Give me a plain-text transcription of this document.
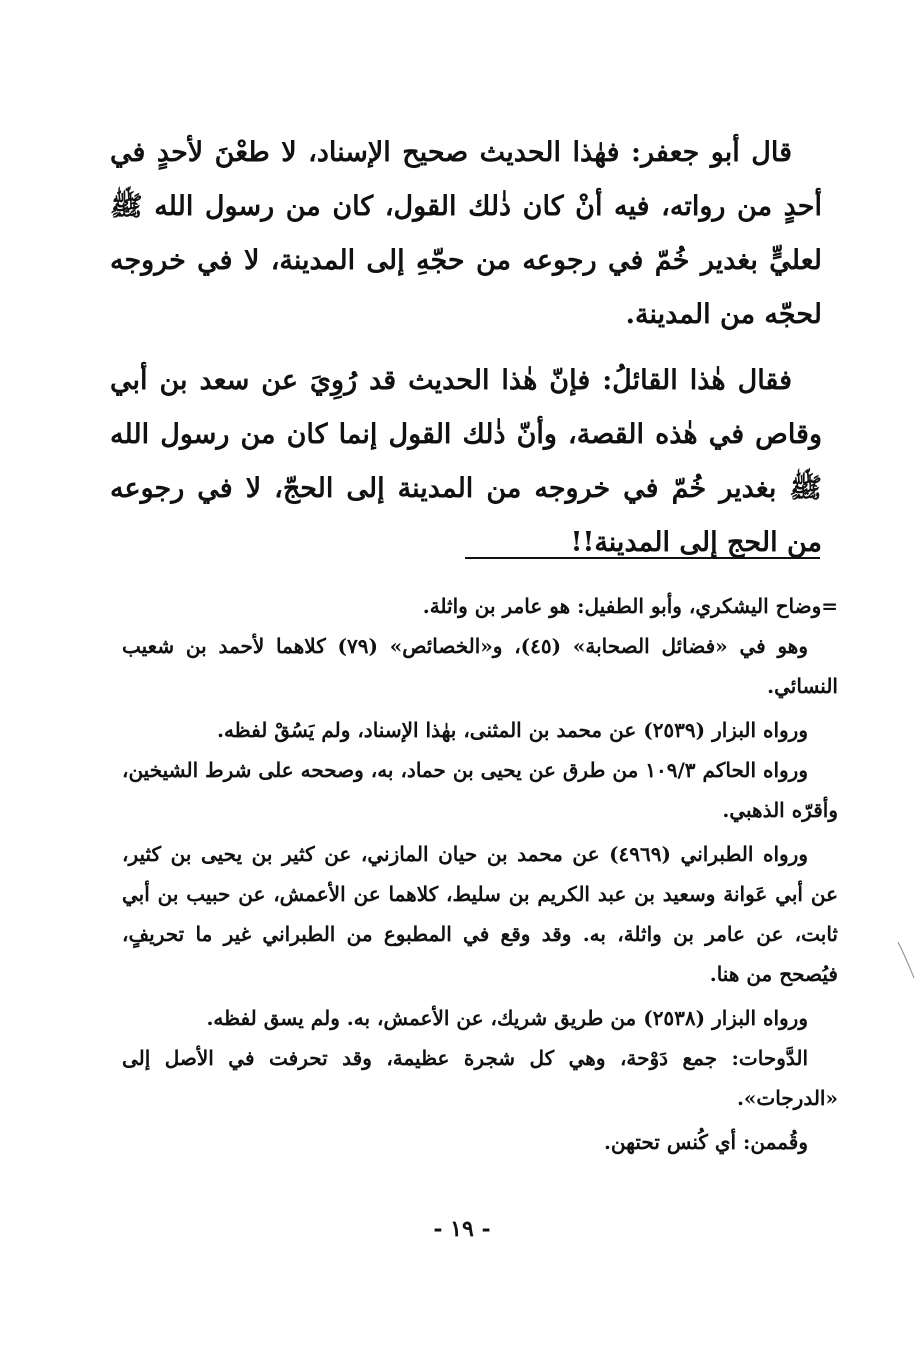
قال أبو جعفر: فهٰذا الحديث صحيح الإسناد، لا طعْنَ لأحدٍ في أحدٍ من رواته، فيه أنْ كان ذٰلك القول، كان من رسول الله ﷺ لعليٍّ بغدير خُمّ في رجوعه من حجّهِ إلى المدينة، لا في خروجه لحجّه من المدينة.

فقال هٰذا القائلُ: فإنّ هٰذا الحديث قد رُوِيَ عن سعد بن أبي وقاص في هٰذه القصة، وأنّ ذٰلك القول إنما كان من رسول الله ﷺ بغدير خُمّ في خروجه من المدينة إلى الحجّ، لا في رجوعه من الحج إلى المدينة!!

=وضاح اليشكري، وأبو الطفيل: هو عامر بن واثلة.

وهو في «فضائل الصحابة» (٤٥)، و«الخصائص» (٧٩) كلاهما لأحمد بن شعيب النسائي.

ورواه البزار (٢٥٣٩) عن محمد بن المثنى، بهٰذا الإسناد، ولم يَسُقْ لفظه.

ورواه الحاكم ١٠٩/٣ من طرق عن يحيى بن حماد، به، وصححه على شرط الشيخين، وأقرّه الذهبي.

ورواه الطبراني (٤٩٦٩) عن محمد بن حيان المازني، عن كثير بن يحيى بن كثير، عن أبي عَوانة وسعيد بن عبد الكريم بن سليط، كلاهما عن الأعمش، عن حبيب بن أبي ثابت، عن عامر بن واثلة، به. وقد وقع في المطبوع من الطبراني غير ما تحريفٍ، فيُصحح من هنا.

ورواه البزار (٢٥٣٨) من طريق شريك، عن الأعمش، به. ولم يسق لفظه.

الدَّوحات: جمع دَوْحة، وهي كل شجرة عظيمة، وقد تحرفت في الأصل إلى «الدرجات».

وقُممن: أي كُنس تحتهن.

- ١٩ -
